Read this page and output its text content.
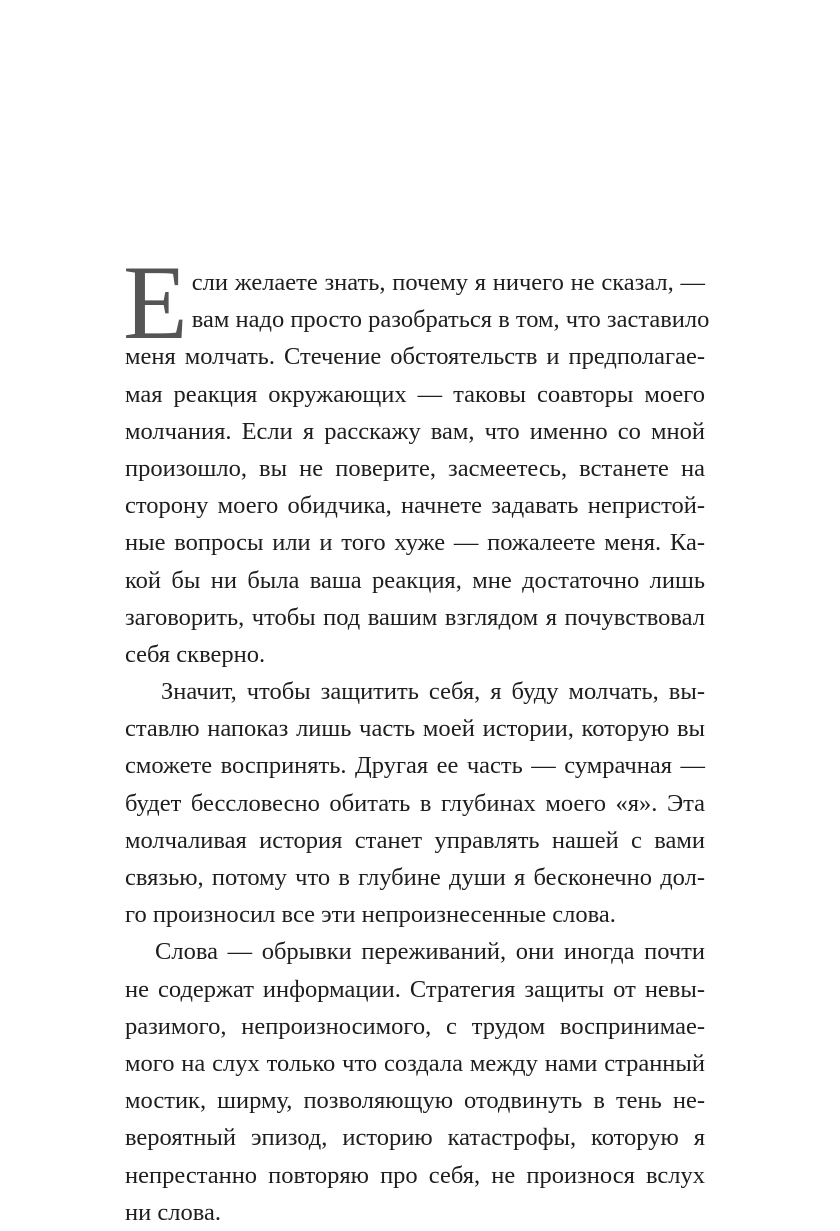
Е сли желаете знать, почему я ничего не сказал, —
вам надо просто разобраться в том, что заставило
меня молчать. Стечение обстоятельств и предполагае-
мая реакция окружающих — таковы соавторы моего
молчания. Если я расскажу вам, что именно со мной
произошло, вы не поверите, засмеетесь, встанете на
сторону моего обидчика, начнете задавать непристой-
ные вопросы или и того хуже — пожалеете меня. Ка-
кой бы ни была ваша реакция, мне достаточно лишь
заговорить, чтобы под вашим взглядом я почувствовал
себя скверно.
Значит, чтобы защитить себя, я буду молчать, вы-
ставлю напоказ лишь часть моей истории, которую вы
сможете воспринять. Другая ее часть — сумрачная —
будет бессловесно обитать в глубинах моего «я». Эта
молчаливая история станет управлять нашей с вами
связью, потому что в глубине души я бесконечно дол-
го произносил все эти непроизнесенные слова.
Слова — обрывки переживаний, они иногда почти
не содержат информации. Стратегия защиты от невы-
разимого, непроизносимого, с трудом воспринимае-
мого на слух только что создала между нами странный
мостик, ширму, позволяющую отодвинуть в тень не-
вероятный эпизод, историю катастрофы, которую я
непрестанно повторяю про себя, не произнося вслух
ни слова.
